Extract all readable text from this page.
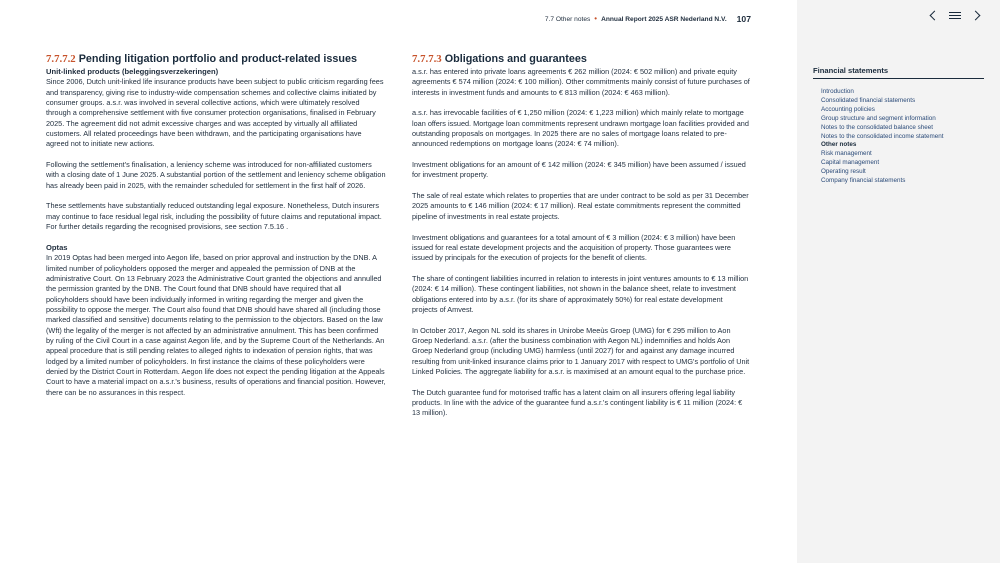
7.7 Other notes • Annual Report 2025 ASR Nederland N.V. 107
7.7.7.2 Pending litigation portfolio and product-related issues
Unit-linked products (beleggingsverzekeringen)

Since 2006, Dutch unit-linked life insurance products have been subject to public criticism regarding fees and transparency, giving rise to industry-wide compensation schemes and collective claims initiated by consumer groups. a.s.r. was involved in several collective actions, which were ultimately resolved through a comprehensive settlement with five consumer protection organisations, finalised in February 2025. The agreement did not admit excessive charges and was accepted by virtually all affiliated customers. All related proceedings have been withdrawn, and the participating organisations have agreed not to initiate new actions.

Following the settlement's finalisation, a leniency scheme was introduced for non-affiliated customers with a closing date of 1 June 2025. A substantial portion of the settlement and leniency scheme obligation has already been paid in 2025, with the remainder scheduled for settlement in the first half of 2026.

These settlements have substantially reduced outstanding legal exposure. Nonetheless, Dutch insurers may continue to face residual legal risk, including the possibility of future claims and reputational impact. For further details regarding the recognised provisions, see section 7.5.16 .

Optas

In 2019 Optas had been merged into Aegon life, based on prior approval and instruction by the DNB. A limited number of policyholders opposed the merger and appealed the permission of DNB at the administrative Court. On 13 February 2023 the Administrative Court granted the objections and annulled the permission granted by the DNB. The Court found that DNB should have required that all policyholders should have been individually informed in writing regarding the merger and given the possibility to oppose the merger. The Court also found that DNB should have shared all (including those marked classified and sensitive) documents relating to the permission to the objectors. Based on the law (Wft) the legality of the merger is not affected by an administrative annulment. This has been confirmed by ruling of the Civil Court in a case against Aegon life, and by the Supreme Court of the Netherlands. An appeal procedure that is still pending relates to alleged rights to indexation of pension rights, that was lodged by a limited number of policyholders. In first instance the claims of these policyholders were denied by the District Court in Rotterdam. Aegon life does not expect the pending litigation at the Appeals Court to have a material impact on a.s.r.'s business, results of operations and financial position. However, there can be no assurances in this respect.

7.7.7.3 Obligations and guarantees

a.s.r. has entered into private loans agreements € 262 million (2024: € 502 million) and private equity agreements € 574 million (2024: € 100 million). Other commitments mainly consist of future purchases of interests in investment funds and amounts to € 813 million (2024: € 463 million).

a.s.r. has irrevocable facilities of € 1,250 million (2024: € 1,223 million) which mainly relate to mortgage loan offers issued. Mortgage loan commitments represent undrawn mortgage loan facilities provided and outstanding proposals on mortgages. In 2025 there are no sales of mortgage loans related to pre-announced redemptions on mortgage loans (2024: € 74 million).

Investment obligations for an amount of € 142 million (2024: € 345 million) have been assumed / issued for investment property.

The sale of real estate which relates to properties that are under contract to be sold as per 31 December 2025 amounts to € 146 million (2024: € 17 million). Real estate commitments represent the committed pipeline of investments in real estate projects.

Investment obligations and guarantees for a total amount of € 3 million (2024: € 3 million) have been issued for real estate development projects and the acquisition of property. Those guarantees were issued by principals for the execution of projects for the benefit of clients.

The share of contingent liabilities incurred in relation to interests in joint ventures amounts to € 13 million (2024: € 14 million). These contingent liabilities, not shown in the balance sheet, relate to investment obligations entered into by a.s.r. (for its share of approximately 50%) for real estate development projects of Amvest.

In October 2017, Aegon NL sold its shares in Unirobe Meeùs Groep (UMG) for € 295 million to Aon Groep Nederland. a.s.r. (after the business combination with Aegon NL) indemnifies and holds Aon Groep Nederland group (including UMG) harmless (until 2027) for and against any damage incurred resulting from unit-linked insurance claims prior to 1 January 2017 with respect to UMG's portfolio of Unit Linked Policies. The aggregate liability for a.s.r. is maximised at an amount equal to the purchase price.

The Dutch guarantee fund for motorised traffic has a latent claim on all insurers offering legal liability products. In line with the advice of the guarantee fund a.s.r.'s contingent liability is € 11 million (2024: € 13 million).

Financial statements
Introduction
Consolidated financial statements
Accounting policies
Group structure and segment information
Notes to the consolidated balance sheet
Notes to the consolidated income statement
Other notes
Risk management
Capital management
Operating result
Company financial statements
